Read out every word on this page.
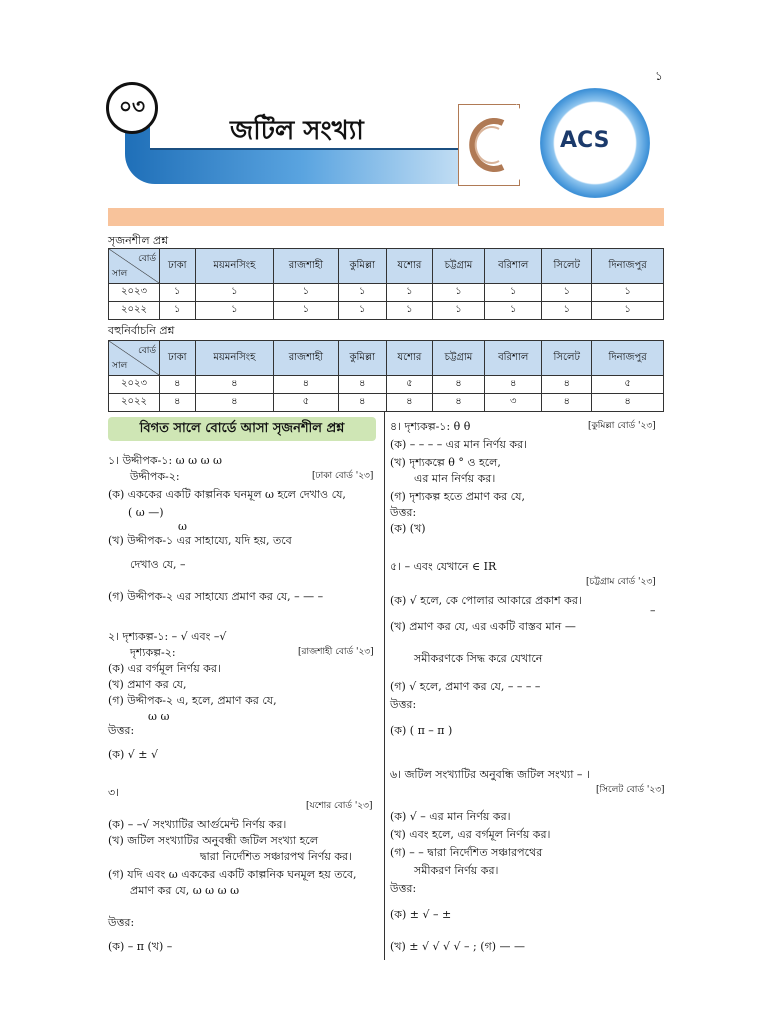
১
০৩
জটিল সংখ্যা	ACS
সৃজনশীল প্রশ্ন
বোর্ড
সাল	ঢাকা	ময়মনসিংহ	রাজশাহী	কুমিল্লা	যশোর	চট্টগ্রাম	বরিশাল	সিলেট	দিনাজপুর
২০২৩	১	১	১	১	১	১	১	১	১
২০২২	১	১	১	১	১	১	১	১	১
বহুনির্বাচনি প্রশ্ন
বোর্ড
সাল	ঢাকা	ময়মনসিংহ	রাজশাহী	কুমিল্লা	যশোর	চট্টগ্রাম	বরিশাল	সিলেট	দিনাজপুর
২০২৩	৪	৪	৪	৪	৫	৪	৪	৪	৫
২০২২	৪	৪	৫	৪	৪	৪	৩	৪	৪
বিগত সালে বোর্ডে আসা সৃজনশীল প্রশ্ন
১। উদ্দীপক-১: ω ω ω ω
উদ্দীপক-২:	[ঢাকা বোর্ড '২৩]
(ক) এককের একটি কাল্পনিক ঘনমূল ω হলে দেখাও যে,
( ω —)
ω
(খ) উদ্দীপক-১ এর সাহায্যে, যদি হয়, তবে
দেখাও যে, –
(গ) উদ্দীপক-২ এর সাহায্যে প্রমাণ কর যে, – — –
২। দৃশ্যকল্প-১: – √ এবং –√
দৃশ্যকল্প-২:	[রাজশাহী বোর্ড '২৩]
(ক) এর বর্গমূল নির্ণয় কর।
(খ) প্রমাণ কর যে,
(গ) উদ্দীপক-২ এ, হলে, প্রমাণ কর যে,
ω ω
উত্তর:
(ক) √ ± √
৩।
[যশোর বোর্ড '২৩]
(ক) – –√ সংখ্যাটির আর্গুমেন্ট নির্ণয় কর।
(খ) জটিল সংখ্যাটির অনুবন্ধী জটিল সংখ্যা হলে
দ্বারা নির্দেশিত সঞ্চারপথ নির্ণয় কর।
(গ) যদি এবং ω এককের একটি কাল্পনিক ঘনমূল হয় তবে,
প্রমাণ কর যে, ω ω ω ω
উত্তর:
(ক) – π (খ) –
৪। দৃশ্যকল্প-১: θ θ	[কুমিল্লা বোর্ড '২৩]
(ক) – – – – এর মান নির্ণয় কর।
(খ) দৃশ্যকল্পে θ ° ও হলে,
এর মান নির্ণয় কর।
(গ) দৃশ্যকল্প হতে প্রমাণ কর যে,
উত্তর:
(ক) (খ)
৫। – এবং যেখানে ∈ IR
[চট্টগ্রাম বোর্ড '২৩]
(ক) √ হলে, কে পোলার আকারে প্রকাশ কর।
(খ) প্রমাণ কর যে, এর একটি বাস্তব মান —
–
সমীকরণকে সিদ্ধ করে যেখানে
(গ) √ হলে, প্রমাণ কর যে, – – – –
উত্তর:
(ক) ( π – π )
৬। জটিল সংখ্যাটির অনুবন্ধি জটিল সংখ্যা – ।
[সিলেট বোর্ড '২৩]
(ক) √ – এর মান নির্ণয় কর।
(খ) এবং হলে, এর বর্গমূল নির্ণয় কর।
(গ) – – দ্বারা নির্দেশিত সঞ্চারপথের
সমীকরণ নির্ণয় কর।
উত্তর:
(ক) ± √ – ±
(খ) ± √ √ √ √ – ; (গ) — —
